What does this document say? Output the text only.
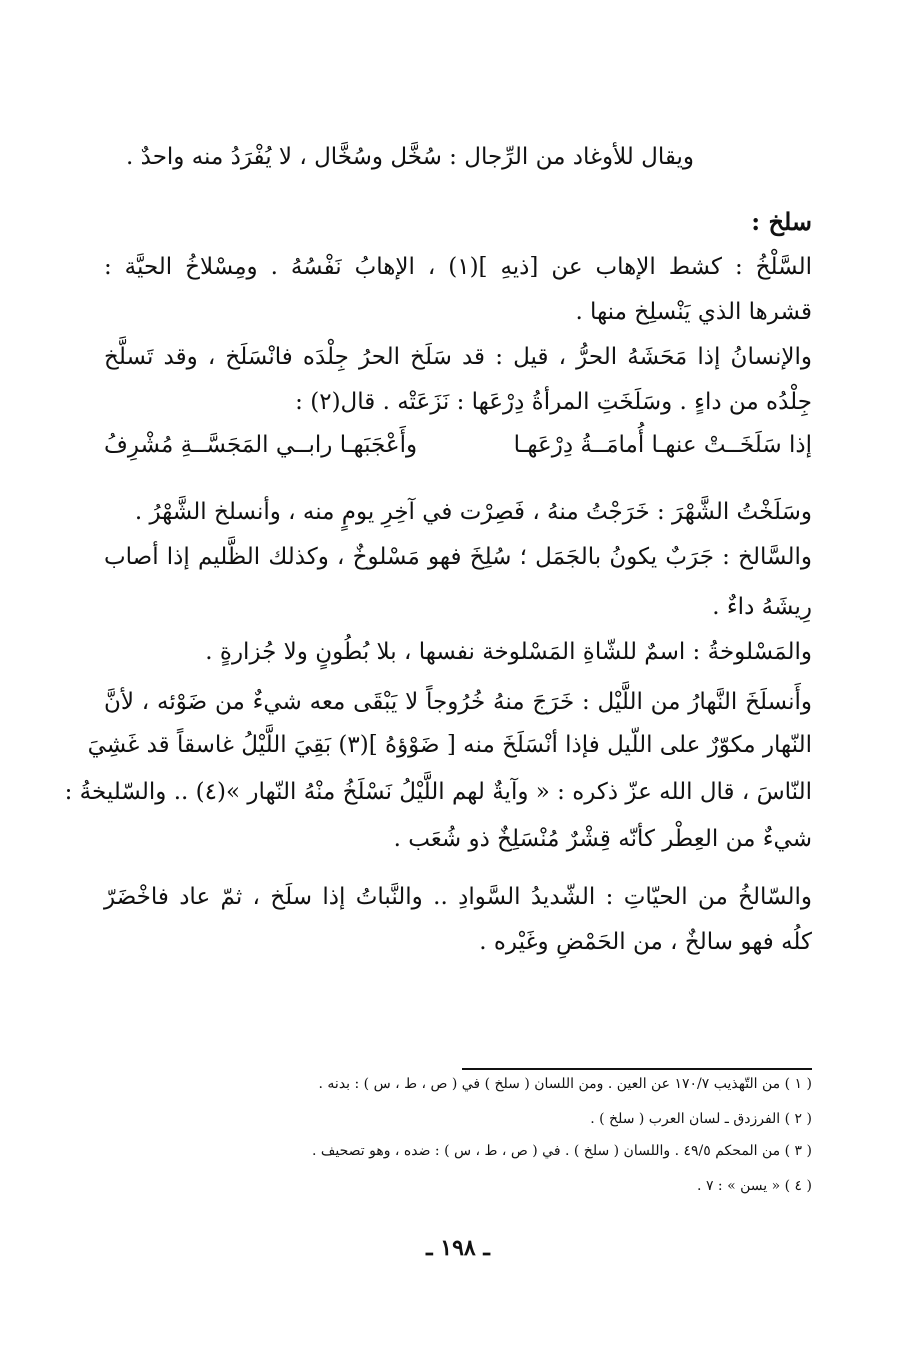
ويقال للأوغاد من الرِّجال : سُخَّل وسُخَّال ، لا يُفْرَدُ منه واحدٌ .
سلخ :
السَّلْخُ : كشط الإهاب عن [ذيهِ ](١) ، الإهابُ نَفْسُهُ . ومِسْلاخُ الحيَّة :
قشرها الذي يَنْسلِخ منها .
والإنسانُ إذا مَحَشَهُ الحرُّ ، قيل : قد سَلَخ الحرُ جِلْدَه فانْسَلَخ ، وقد تَسلَّخ
جِلْدُه من داءٍ . وسَلَخَتِ المرأةُ دِرْعَها : نَزَعَتْه . قال(٢) :
إذا سَلَخَــتْ عنهـا أُمامَــةُ دِرْعَهـا
وأَعْجَبَهـا رابــي المَجَسَّــةِ مُشْرِفُ
وسَلَخْتُ الشَّهْرَ : خَرَجْتُ منهُ ، فَصِرْت في آخِرِ يومٍ منه ، وأنسلخ الشَّهْرُ .
والسَّالخ : جَرَبٌ يكونُ بالجَمَل ؛ سُلِخَ فهو مَسْلوخٌ ، وكذلك الظَّليم إذا أصاب
رِيشَهُ داءٌ .
والمَسْلوخةُ : اسمٌ للشّاةِ المَسْلوخة نفسها ، بلا بُطُونٍ ولا جُزارةٍ .
وأَنسلَخَ النَّهارُ من اللَّيْل : خَرَجَ منهُ خُرُوجاً لا يَبْقَى معه شيءٌ من ضَوْئه ، لأنَّ
النّهار مكوّرٌ على اللّيل فإذا أنْسَلَخَ منه [ ضَوْؤهُ ](٣) بَقِيَ اللَّيْلُ غاسقاً قد غَشِيَ
النّاسَ ، قال الله عزّ ذكره : « وآيةٌ لهم اللَّيْلُ نَسْلَخُ منْهُ النّهار »(٤) .. والسّليخةُ :
شيءٌ من العِطْر كأنّه قِشْرٌ مُنْسَلِخٌ ذو شُعَب .
والسّالخُ من الحيّاتِ : الشّديدُ السَّوادِ .. والنَّباتُ إذا سلَخ ، ثمّ عاد فاخْضَرّ
كلُه فهو سالخٌ ، من الحَمْضِ وغَيْره .
( ١ ) من التّهذيب ١٧٠/٧ عن العين . ومن اللسان ( سلخ ) في ( ص ، ط ، س ) : بدنه .
( ٢ ) الفرزدق ـ لسان العرب ( سلخ ) .
( ٣ ) من المحكم ٤٩/٥ . واللسان ( سلخ ) . في ( ص ، ط ، س ) : ضده ، وهو تصحيف .
( ٤ ) « يسن » : ٧ .
ـ ١٩٨ ـ
